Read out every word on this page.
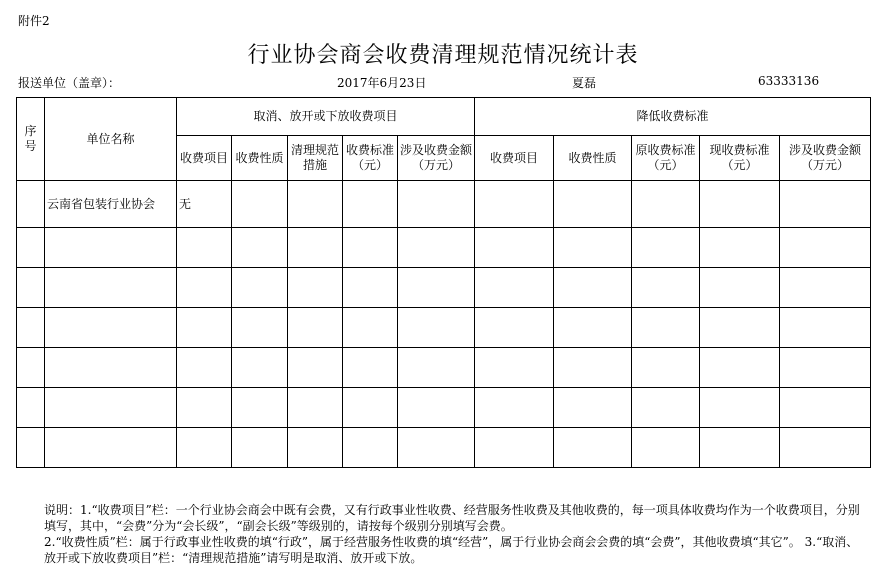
附件2
行业协会商会收费清理规范情况统计表
报送单位（盖章）：	2017年6月23日	夏磊	63333136
序号	单位名称	取消、放开或下放收费项目					降低收费标准				
		收费项目	收费性质	清理规范措施	收费标准（元）	涉及收费金额（万元）	收费项目	收费性质	原收费标准（元）	现收费标准（元）	涉及收费金额（万元）
	云南省包装行业协会	无									

说明：1.“收费项目”栏：一个行业协会商会中既有会费，又有行政事业性收费、经营服务性收费及其他收费的，每一项具体收费均作为一个收费项目，分别填写，其中，“会费”分为“会长级”，“副会长级”等级别的，请按每个级别分别填写会费。

2.“收费性质”栏：属于行政事业性收费的填“行政”，属于经营服务性收费的填“经营”，属于行业协会商会会费的填“会费”，其他收费填“其它”。 3.“取消、放开或下放收费项目”栏：“清理规范措施”请写明是取消、放开或下放。
